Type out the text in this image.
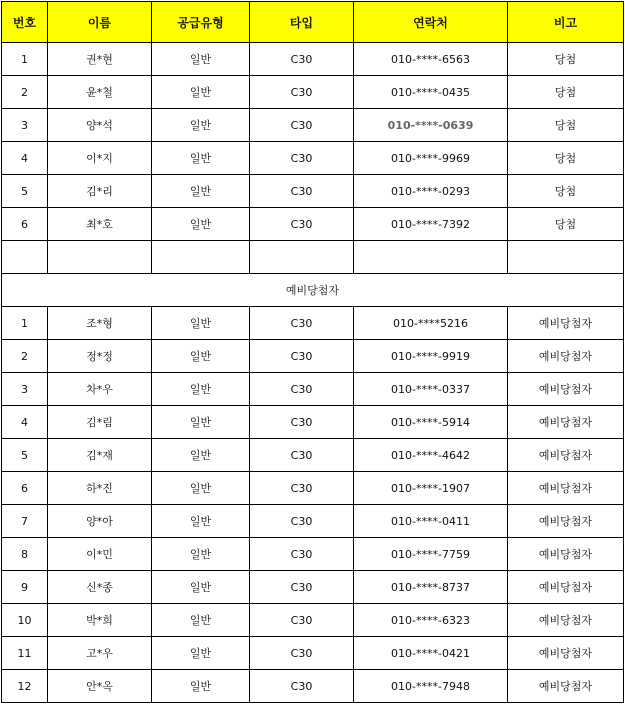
번호	이름	공급유형	타입	연락처	비고
1	권*현	일반	C30	010-****-6563	당첨
2	윤*철	일반	C30	010-****-0435	당첨
3	양*석	일반	C30	010-****-0639	당첨
4	이*지	일반	C30	010-****-9969	당첨
5	김*리	일반	C30	010-****-0293	당첨
6	최*호	일반	C30	010-****-7392	당첨

예비당첨자					
1	조*형	일반	C30	010-****5216	예비당첨자
2	정*정	일반	C30	010-****-9919	예비당첨자
3	차*우	일반	C30	010-****-0337	예비당첨자
4	김*림	일반	C30	010-****-5914	예비당첨자
5	김*재	일반	C30	010-****-4642	예비당첨자
6	하*진	일반	C30	010-****-1907	예비당첨자
7	양*아	일반	C30	010-****-0411	예비당첨자
8	이*민	일반	C30	010-****-7759	예비당첨자
9	신*종	일반	C30	010-****-8737	예비당첨자
10	박*희	일반	C30	010-****-6323	예비당첨자
11	고*우	일반	C30	010-****-0421	예비당첨자
12	안*옥	일반	C30	010-****-7948	예비당첨자
